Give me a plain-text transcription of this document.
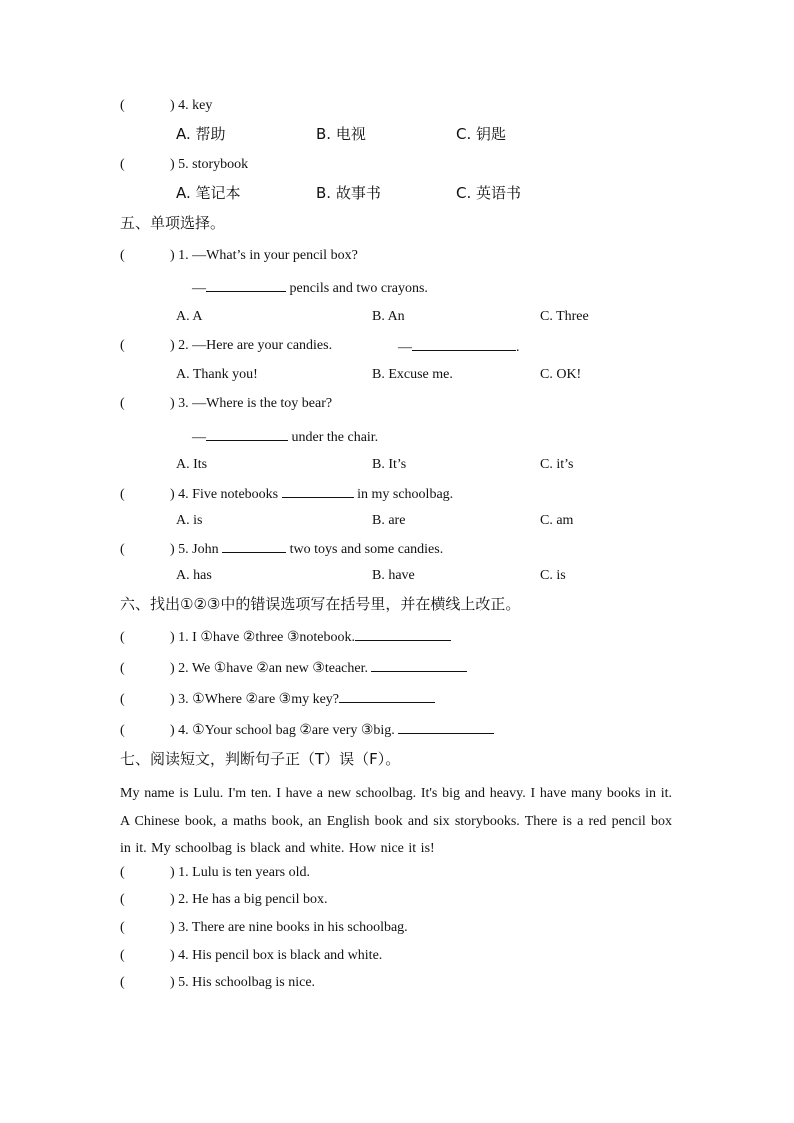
(	) 4. key
A. 帮助	B. 电视	C. 钥匙
(	) 5. storybook
A. 笔记本	B. 故事书	C. 英语书
五、单项选择。
(	) 1. —What’s in your pencil box?
—	pencils and two crayons.
A. A	B. An	C. Three
(	) 2. —Here are your candies.	—	.
A. Thank you!	B. Excuse me.	C. OK!
(	) 3. —Where is the toy bear?
—	under the chair.
A. Its	B. It’s	C. it’s
(	) 4. Five notebooks	in my schoolbag.
A. is	B. are	C. am
(	) 5. John	two toys and some candies.
A. has	B. have	C. is
六、找出①②③中的错误选项写在括号里，并在横线上改正。
(	) 1. I ①have ②three ③notebook.
(	) 2. We ①have ②an new ③teacher.
(	) 3. ①Where ②are ③my key?
(	) 4. ①Your school bag ②are very ③big.
七、阅读短文，判断句子正（T）误（F）。
My name is Lulu. I'm ten. I have a new schoolbag. It's big and heavy. I have many books in it. A Chinese book, a maths book, an English book and six storybooks. There is a red pencil box in it. My schoolbag is black and white. How nice it is!
(	) 1. Lulu is ten years old.
(	) 2. He has a big pencil box.
(	) 3. There are nine books in his schoolbag.
(	) 4. His pencil box is black and white.
(	) 5. His schoolbag is nice.
